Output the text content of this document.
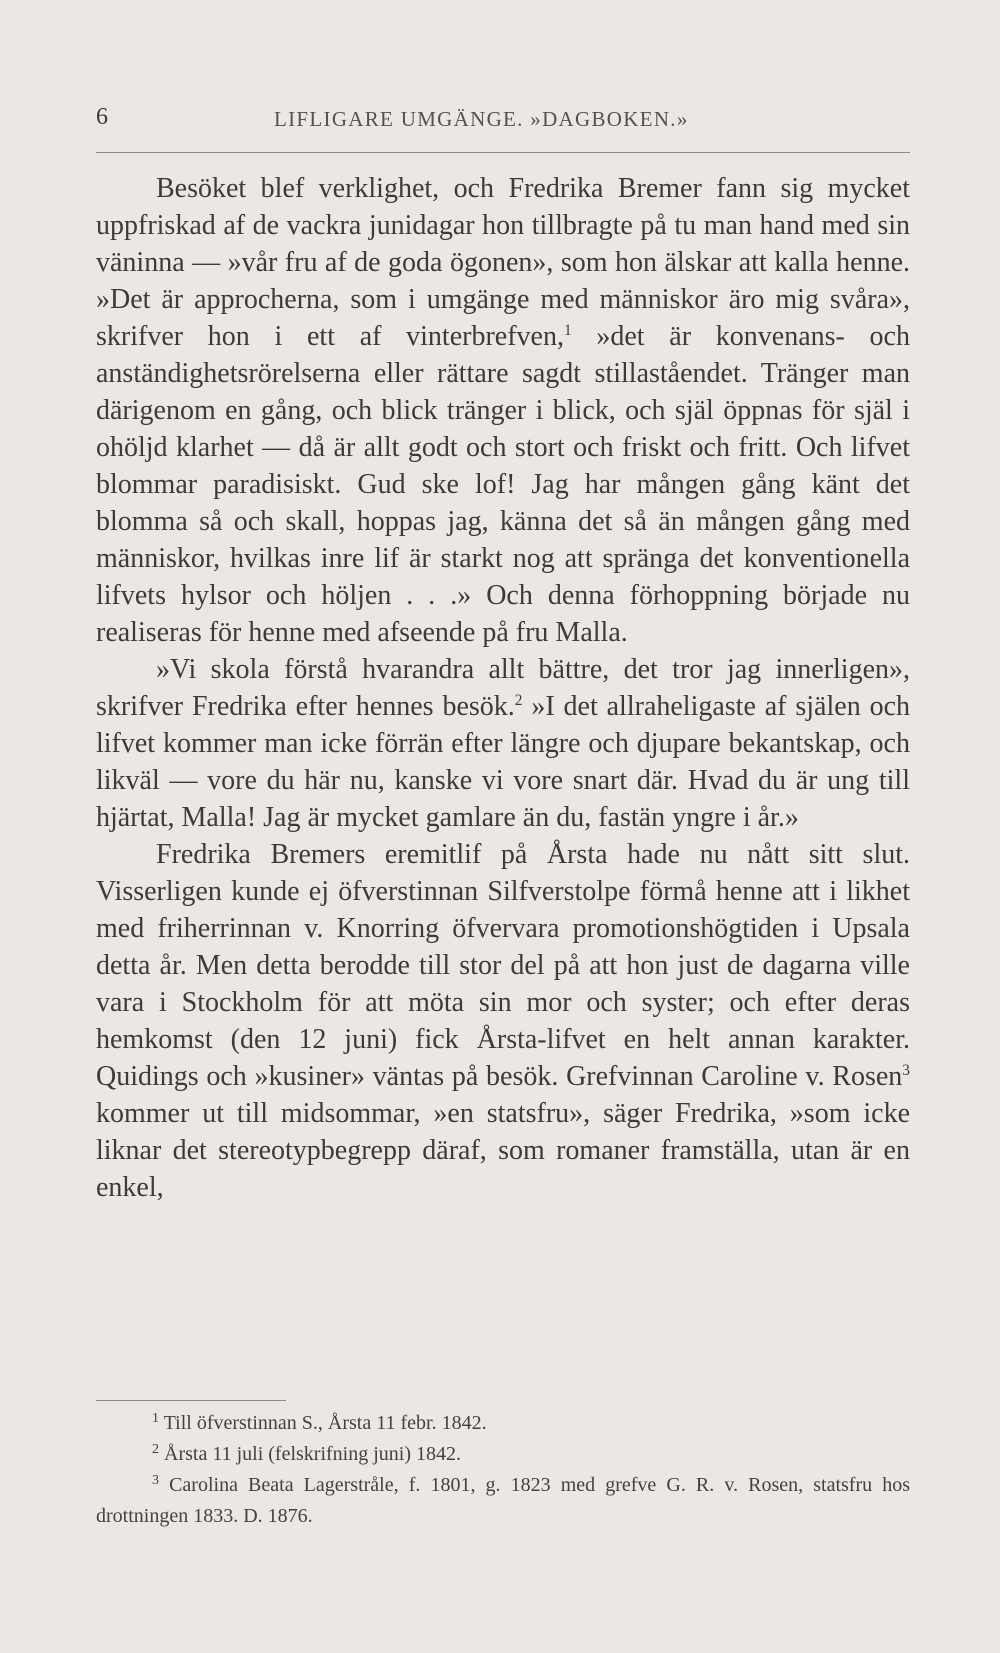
6	LIFLIGARE UMGÄNGE. »DAGBOKEN.»

Besöket blef verklighet, och Fredrika Bremer fann sig mycket uppfriskad af de vackra junidagar hon tillbragte på tu man hand med sin väninna — »vår fru af de goda ögonen», som hon älskar att kalla henne. »Det är approcherna, som i umgänge med människor äro mig svåra», skrifver hon i ett af vinterbrefven,$^1$ »det är konvenans- och anständighetsrörelserna eller rättare sagdt stillaståendet. Tränger man därigenom en gång, och blick tränger i blick, och själ öppnas för själ i ohöljd klarhet — då är allt godt och stort och friskt och fritt. Och lifvet blommar paradisiskt. Gud ske lof! Jag har mången gång känt det blomma så och skall, hoppas jag, känna det så än mången gång med människor, hvilkas inre lif är starkt nog att spränga det konventionella lifvets hylsor och höljen . . .» Och denna förhoppning började nu realiseras för henne med afseende på fru Malla.

»Vi skola förstå hvarandra allt bättre, det tror jag innerligen», skrifver Fredrika efter hennes besök.$^2$ »I det allraheligaste af själen och lifvet kommer man icke förrän efter längre och djupare bekantskap, och likväl — vore du här nu, kanske vi vore snart där. Hvad du är ung till hjärtat, Malla! Jag är mycket gamlare än du, fastän yngre i år.»

Fredrika Bremers eremitlif på Årsta hade nu nått sitt slut. Visserligen kunde ej öfverstinnan Silfverstolpe förmå henne att i likhet med friherrinnan v. Knorring öfvervara promotionshögtiden i Upsala detta år. Men detta berodde till stor del på att hon just de dagarna ville vara i Stockholm för att möta sin mor och syster; och efter deras hemkomst (den 12 juni) fick Årsta-lifvet en helt annan karakter. Quidings och »kusiner» väntas på besök. Grefvinnan Caroline v. Rosen$^3$ kommer ut till midsommar, »en statsfru», säger Fredrika, »som icke liknar det stereotypbegrepp däraf, som romaner framställa, utan är en enkel,

$^1$ Till öfverstinnan S., Årsta 11 febr. 1842.

$^2$ Årsta 11 juli (felskrifning juni) 1842.

$^3$ Carolina Beata Lagerstråle, f. 1801, g. 1823 med grefve G. R. v. Rosen, statsfru hos drottningen 1833. D. 1876.
